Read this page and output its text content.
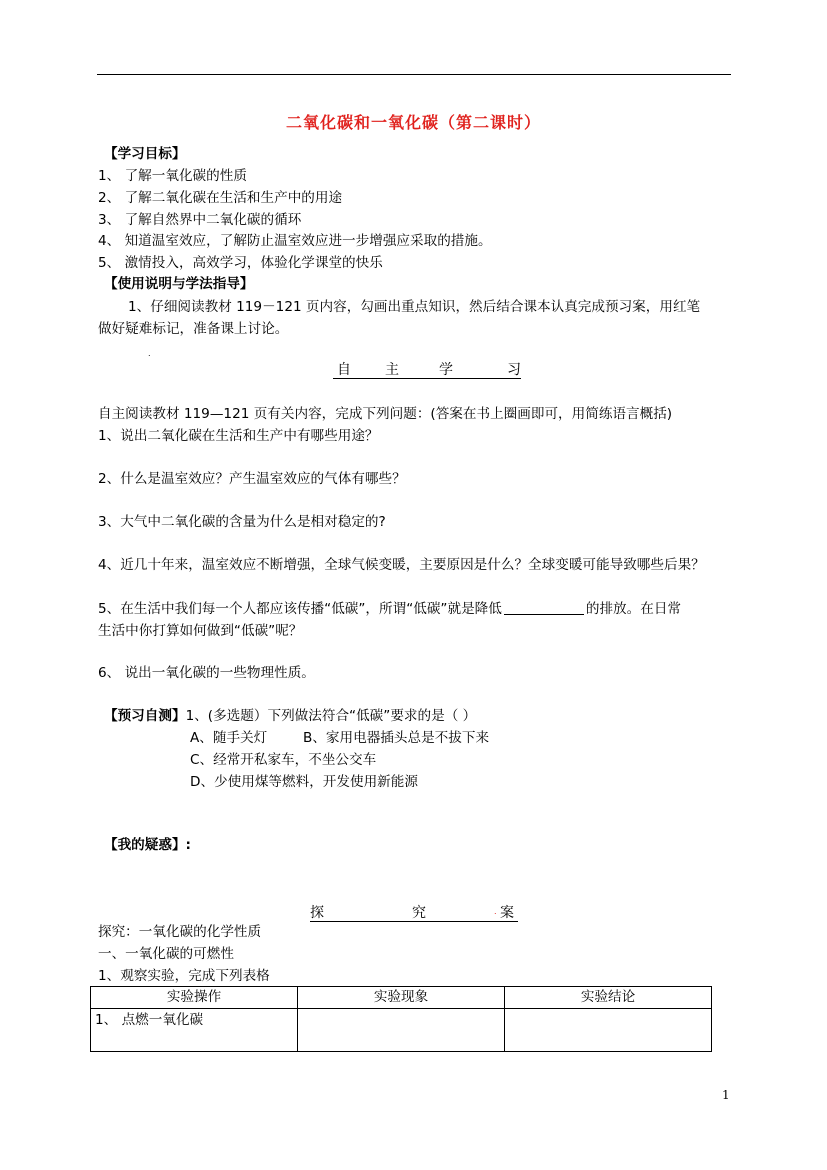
二氧化碳和一氧化碳（第二课时）
【学习目标】
1、 了解一氧化碳的性质
2、 了解二氧化碳在生活和生产中的用途
3、 了解自然界中二氧化碳的循环
4、 知道温室效应，了解防止温室效应进一步增强应采取的措施。
5、 激情投入，高效学习，体验化学课堂的快乐
【使用说明与学法指导】
1、仔细阅读教材 119－121 页内容，勾画出重点知识，然后结合课本认真完成预习案，用红笔
做好疑难标记，准备课上讨论。
.
自 主	学	习
自主阅读教材 119—121 页有关内容，完成下列问题：(答案在书上圈画即可，用简练语言概括)
1、说出二氧化碳在生活和生产中有哪些用途？
2、什么是温室效应？产生温室效应的气体有哪些？
3、大气中二氧化碳的含量为什么是相对稳定的?
4、近几十年来，温室效应不断增强，全球气候变暖，主要原因是什么？全球变暖可能导致哪些后果？
5、在生活中我们每一个人都应该传播“低碳”，所谓“低碳”就是降低	的排放。在日常
生活中你打算如何做到“低碳”呢？
6、 说出一氧化碳的一些物理性质。
【预习自测】1、(多选题）下列做法符合“低碳”要求的是（ ）
A、随手关灯	B、家用电器插头总是不拔下来
C、经常开私家车，不坐公交车
D、少使用煤等燃料，开发使用新能源
【我的疑惑】:
探	究	案
.
探究：一氧化碳的化学性质
一、一氧化碳的可燃性
1、观察实验，完成下列表格
实验操作	实验现象	实验结论
1、 点燃一氧化碳		
1
